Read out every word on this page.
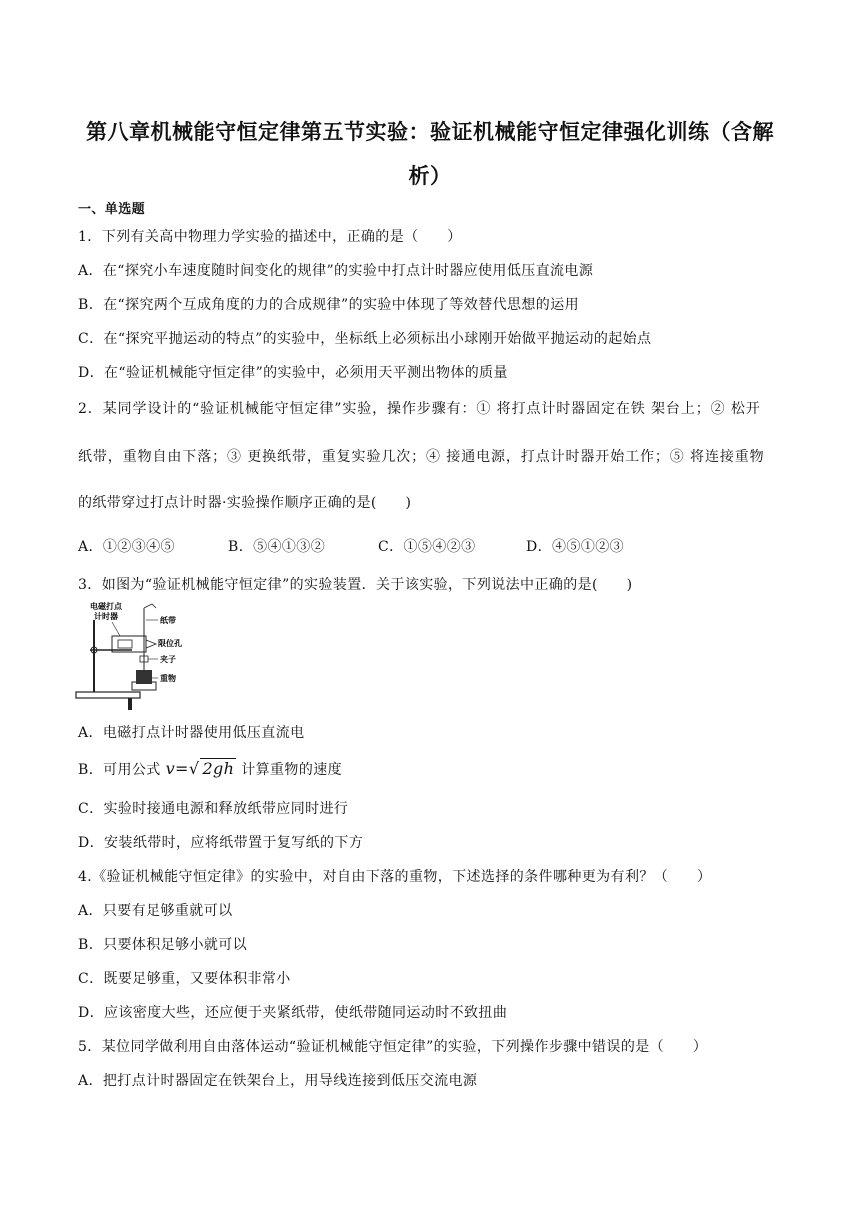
第八章机械能守恒定律第五节实验：验证机械能守恒定律强化训练（含解
析）
一、单选题
1．下列有关高中物理力学实验的描述中，正确的是（　　）
A．在“探究小车速度随时间变化的规律”的实验中打点计时器应使用低压直流电源
B．在“探究两个互成角度的力的合成规律”的实验中体现了等效替代思想的运用
C．在“探究平抛运动的特点”的实验中，坐标纸上必须标出小球刚开始做平抛运动的起始点
D．在“验证机械能守恒定律”的实验中，必须用天平测出物体的质量
2．某同学设计的“验证机械能守恒定律”实验，操作步骤有：① 将打点计时器固定在铁 架台上；② 松开
纸带，重物自由下落；③ 更换纸带，重复实验几次；④ 接通电源，打点计时器开始工作；⑤ 将连接重物
的纸带穿过打点计时器·实验操作顺序正确的是(　　)
A．①②③④⑤	B．⑤④①③②	C．①⑤④②③	D．④⑤①②③
3．如图为“验证机械能守恒定律”的实验装置．关于该实验，下列说法中正确的是(　　)
电磁打点
计时器	纸带
限位孔
夹子
重物
A．电磁打点计时器使用低压直流电
B．可用公式 v=√ 2gh 计算重物的速度
C．实验时接通电源和释放纸带应同时进行
D．安装纸带时，应将纸带置于复写纸的下方
4.《验证机械能守恒定律》的实验中，对自由下落的重物，下述选择的条件哪种更为有利？（　　）
A．只要有足够重就可以
B．只要体积足够小就可以
C．既要足够重，又要体积非常小
D．应该密度大些，还应便于夹紧纸带，使纸带随同运动时不致扭曲
5．某位同学做利用自由落体运动“验证机械能守恒定律”的实验，下列操作步骤中错误的是（　　）
A．把打点计时器固定在铁架台上，用导线连接到低压交流电源
